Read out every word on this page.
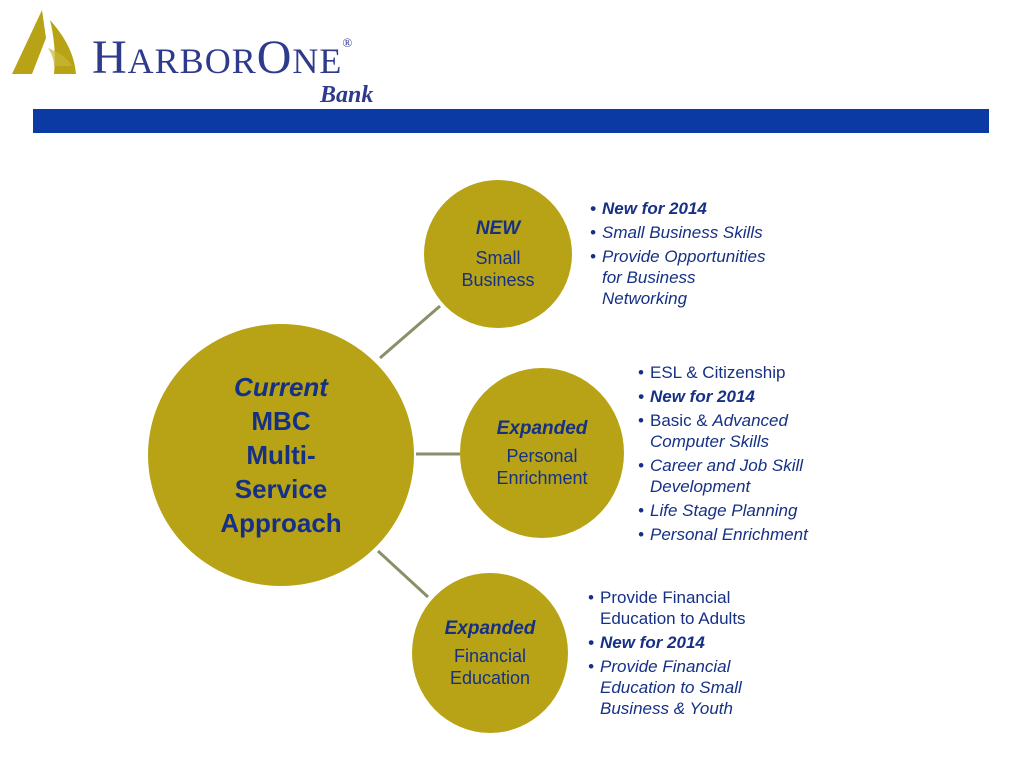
HARBORONE®
Bank
Current
MBC
Multi-
Service
Approach
NEW
Small
Business
Expanded
Personal
Enrichment
Expanded
Financial
Education
• New for 2014
• Small Business Skills
• Provide Opportunities
for Business
Networking
• ESL & Citizenship
• New for 2014
• Basic & Advanced
Computer Skills
• Career and Job Skill
Development
• Life Stage Planning
• Personal Enrichment
• Provide Financial
Education to Adults
• New for 2014
• Provide Financial
Education to Small
Business & Youth
